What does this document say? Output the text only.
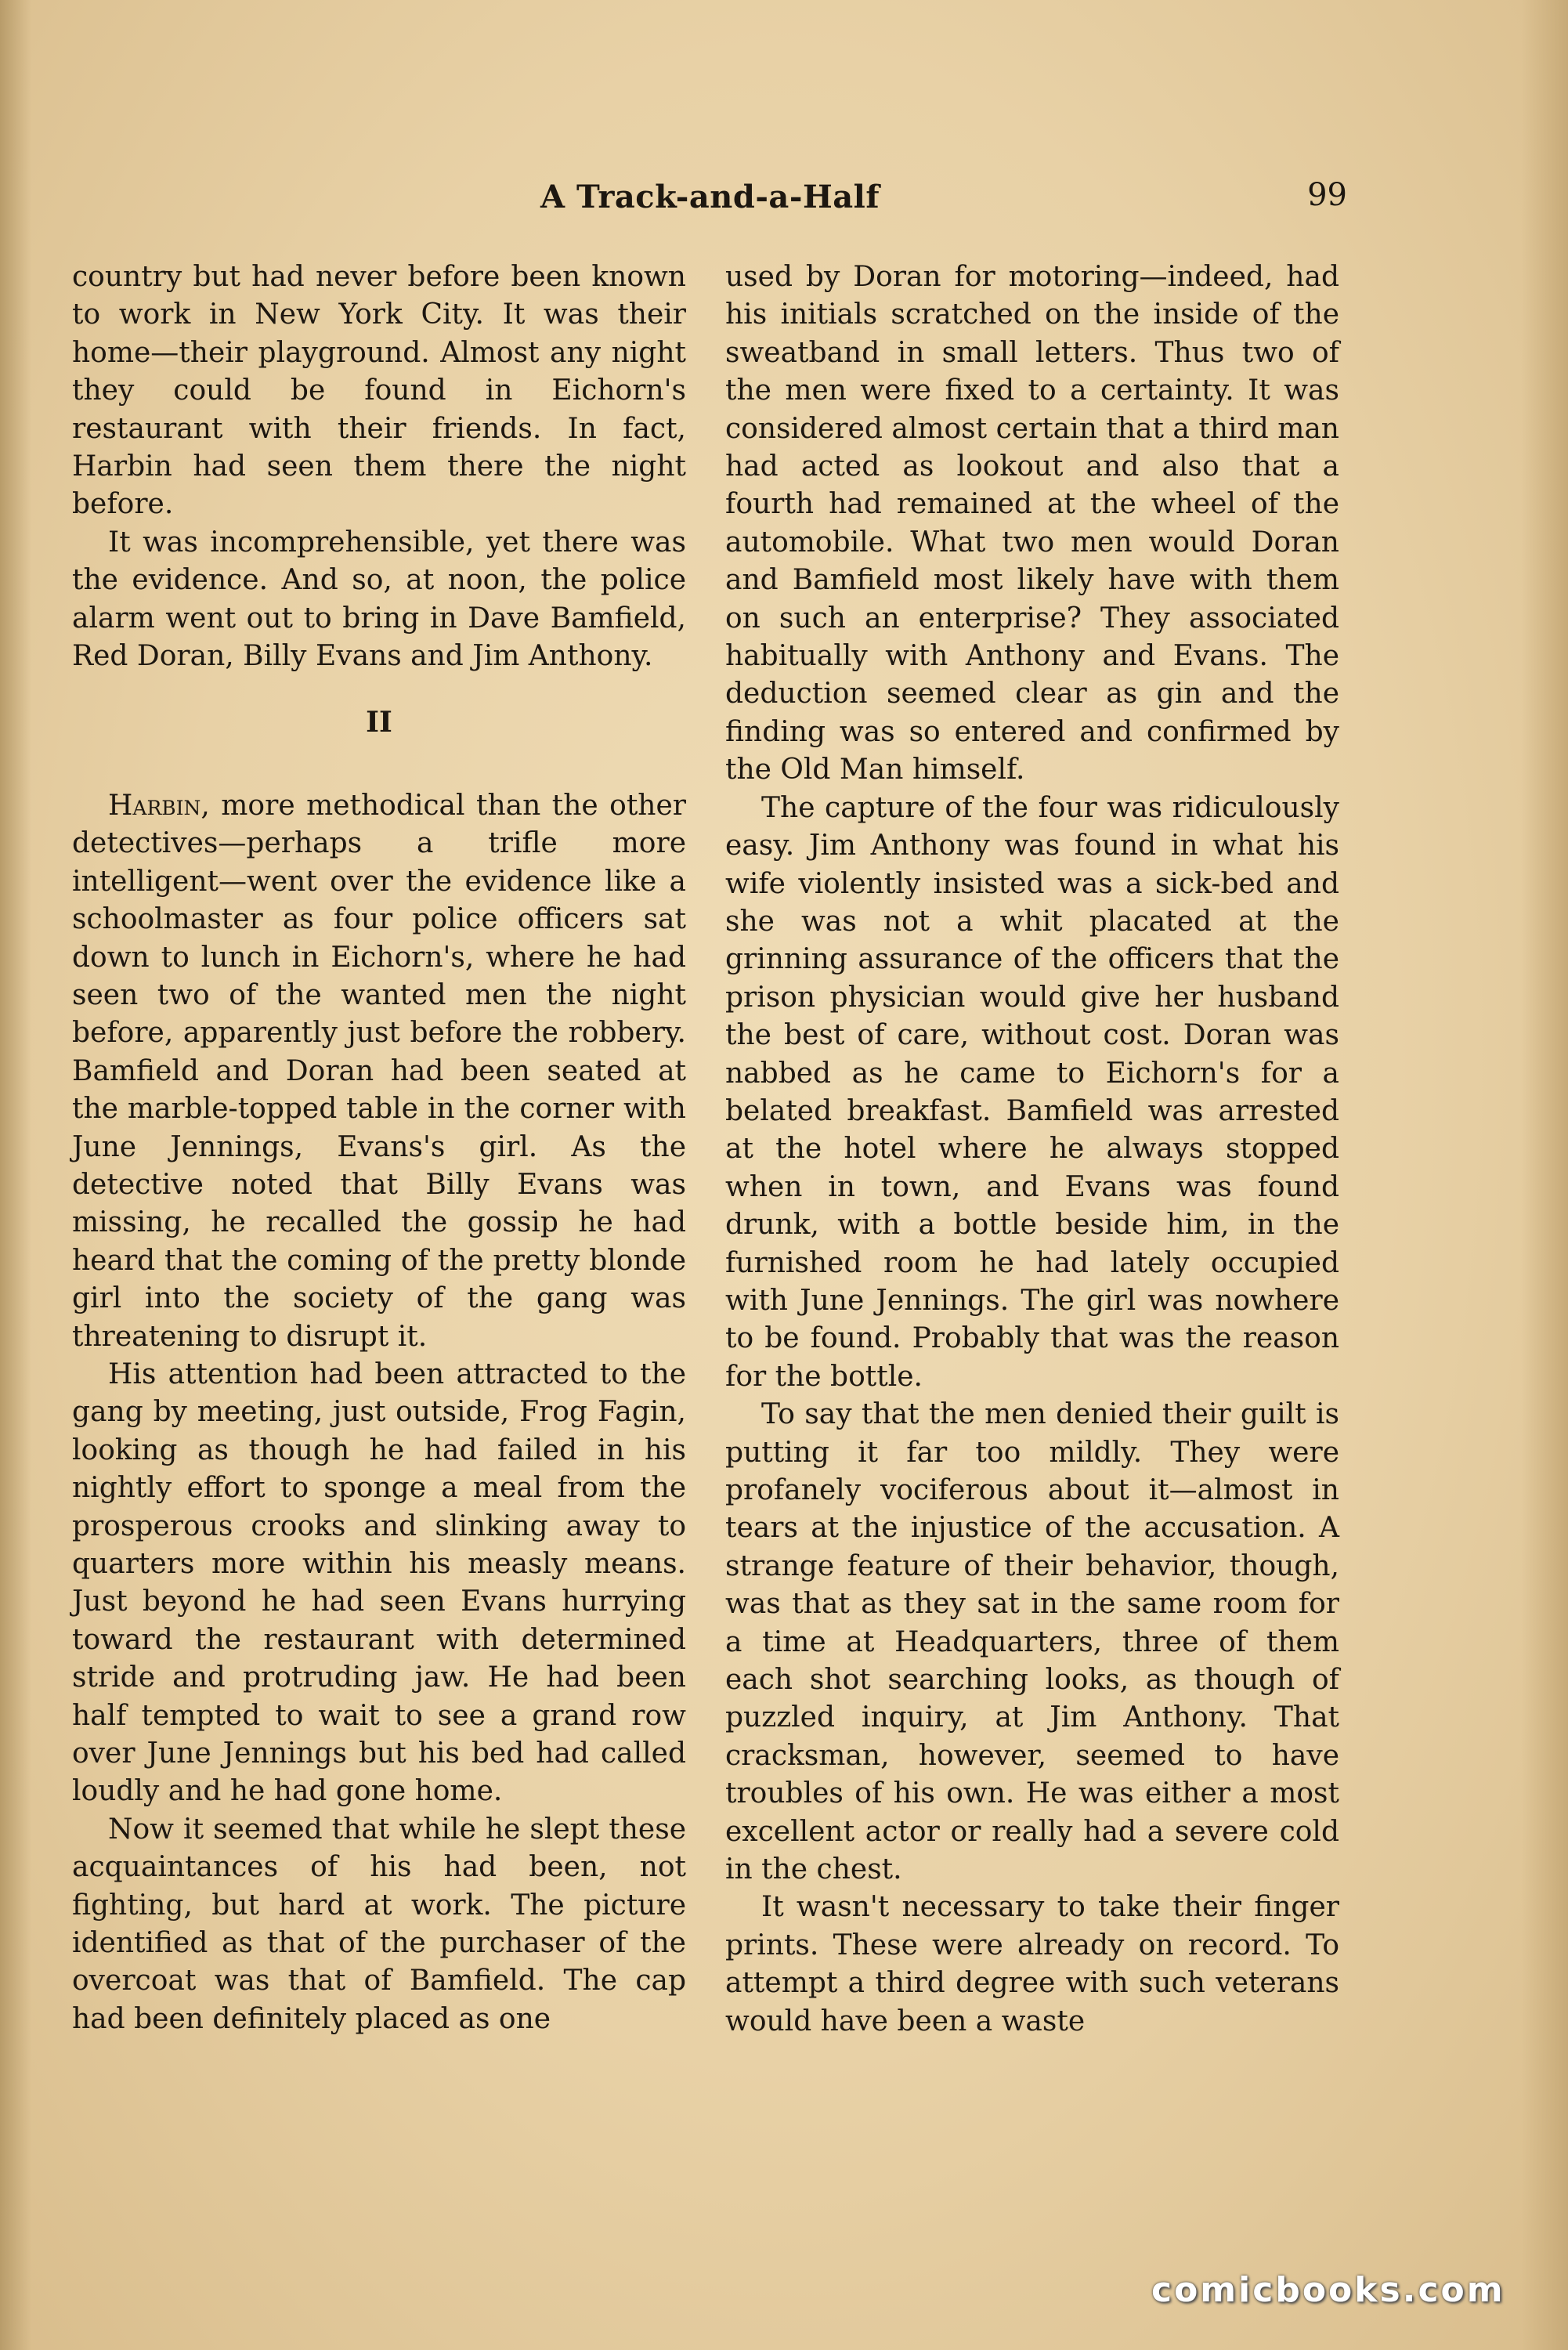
A Track-and-a-Half	99

country but had never before been known to work in New York City. It was their home—their playground. Almost any night they could be found in Eichorn's restaurant with their friends. In fact, Harbin had seen them there the night before.

It was incomprehensible, yet there was the evidence. And so, at noon, the police alarm went out to bring in Dave Bamfield, Red Doran, Billy Evans and Jim Anthony.

II

Harbin, more methodical than the other detectives—perhaps a trifle more intelligent—went over the evidence like a schoolmaster as four police officers sat down to lunch in Eichorn's, where he had seen two of the wanted men the night before, apparently just before the robbery. Bamfield and Doran had been seated at the marble-topped table in the corner with June Jennings, Evans's girl. As the detective noted that Billy Evans was missing, he recalled the gossip he had heard that the coming of the pretty blonde girl into the society of the gang was threatening to disrupt it.

His attention had been attracted to the gang by meeting, just outside, Frog Fagin, looking as though he had failed in his nightly effort to sponge a meal from the prosperous crooks and slinking away to quarters more within his measly means. Just beyond he had seen Evans hurrying toward the restaurant with determined stride and protruding jaw. He had been half tempted to wait to see a grand row over June Jennings but his bed had called loudly and he had gone home.

Now it seemed that while he slept these acquaintances of his had been, not fighting, but hard at work. The picture identified as that of the purchaser of the overcoat was that of Bamfield. The cap had been definitely placed as one

used by Doran for motoring—indeed, had his initials scratched on the inside of the sweatband in small letters. Thus two of the men were fixed to a certainty. It was considered almost certain that a third man had acted as lookout and also that a fourth had remained at the wheel of the automobile. What two men would Doran and Bamfield most likely have with them on such an enterprise? They associated habitually with Anthony and Evans. The deduction seemed clear as gin and the finding was so entered and confirmed by the Old Man himself.

The capture of the four was ridiculously easy. Jim Anthony was found in what his wife violently insisted was a sick-bed and she was not a whit placated at the grinning assurance of the officers that the prison physician would give her husband the best of care, without cost. Doran was nabbed as he came to Eichorn's for a belated breakfast. Bamfield was arrested at the hotel where he always stopped when in town, and Evans was found drunk, with a bottle beside him, in the furnished room he had lately occupied with June Jennings. The girl was nowhere to be found. Probably that was the reason for the bottle.

To say that the men denied their guilt is putting it far too mildly. They were profanely vociferous about it—almost in tears at the injustice of the accusation. A strange feature of their behavior, though, was that as they sat in the same room for a time at Headquarters, three of them each shot searching looks, as though of puzzled inquiry, at Jim Anthony. That cracksman, however, seemed to have troubles of his own. He was either a most excellent actor or really had a severe cold in the chest.

It wasn't necessary to take their finger prints. These were already on record. To attempt a third degree with such veterans would have been a waste

comicbooks.com
